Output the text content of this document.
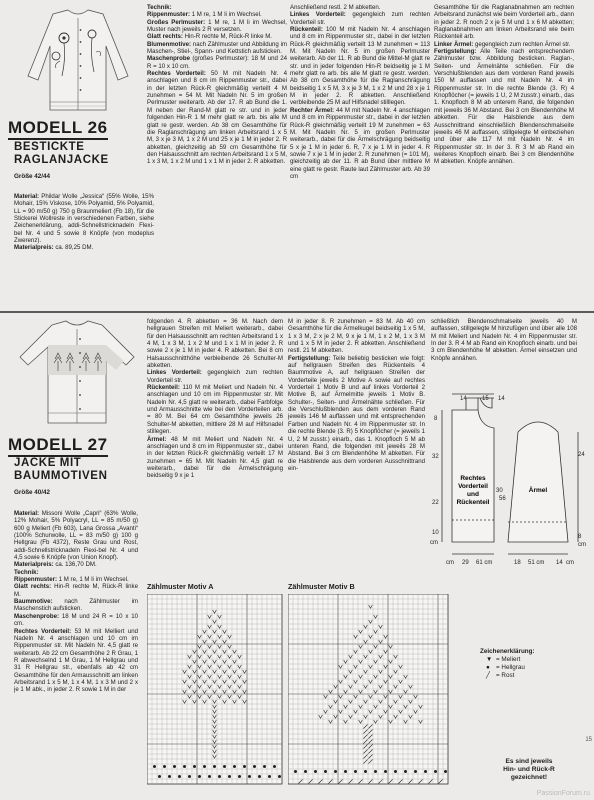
MODELL 26
BESTICKTE
RAGLANJACKE
Größe 42/44

Material: Phildar Wolle „Jessica“ (55% Wolle, 15% Mohair, 15% Viskose, 10% Polyamid, 5% Polyamid, LL = 90 m/50 g) 750 g Braunmeliert (Fb 18), für die Stickerei Wollreste in verschiedenen Farben, siehe Zeichenerklärung, addi-Schnellstricknadeln Flexi-bel Nr. 4 und 5 sowie 8 Knöpfe (von modeplus Zwerenz).

Materialpreis: ca. 89,25 DM.

Technik:

Rippenmuster: 1 M re, 1 M li im Wechsel.

Großes Perlmuster: 1 M re, 1 M li im Wechsel, Muster nach jeweils 2 R versetzen.

Glatt rechts: Hin-R rechte M, Rück-R linke M.

Blumenmotive: nach Zählmuster und Abbildung im Maschen-, Stiel-, Spann- und Kettstich aufsticken.

Maschenprobe (großes Perlmuster): 18 M und 24 R = 10 x 10 cm.

Rechtes Vorderteil: 50 M mit Nadeln Nr. 4 anschlagen und 8 cm im Rippenmuster str., dabei in der letzten Rück-R gleichmäßig verteilt 4 M zunehmen = 54 M. Mit Nadeln Nr. 5 im großen Perlmuster weiterarb. Ab der 17. R ab Bund die 1. M neben der Rand-M glatt re str. und in jeder folgenden Hin-R 1 M mehr glatt re arb. bis alle M glatt re gestr. werden. Ab 38 cm Gesamthöhe für die Raglanschrägung am linken Arbeitsrand 1 x 5 M, 3 x je 3 M, 1 x 2 M und 25 x je 1 M in jeder 2. R abketten, gleichzeitig ab 59 cm Gesamthöhe für den Halsausschnitt am rechten Arbeitsrand 1 x 5 M, 1 x 3 M, 1 x 2 M und 1 x 1 M in jeder 2. R abketten.

Anschließend restl. 2 M abketten.

Linkes Vorderteil: gegengleich zum rechten Vorderteil str.

Rückenteil: 100 M mit Nadeln Nr. 4 anschlagen und 8 cm im Rippenmuster str., dabei in der letzten Rück-R gleichmäßig verteilt 13 M zunehmen = 113 M. Mit Nadeln Nr. 5 im großen Perlmuster weiterarb. Ab der 11. R ab Bund die Mittel-M glatt re str. und in jeder folgenden Hin-R beidseitig je 1 M mehr glatt re arb. bis alle M glatt re gestr. werden. Ab 38 cm Gesamthöhe für die Raglanschrägung beidseitig 1 x 5 M, 3 x je 3 M, 1 x 2 M und 28 x je 1 M in jeder 2. R abketten. Anschließend verbleibende 25 M auf Hilfsnadel stilllegen.

Rechter Ärmel: 44 M mit Nadeln Nr. 4 anschlagen und 8 cm im Rippenmuster str., dabei in der letzten Rück-R gleichmäßig verteilt 19 M zunehmen = 63 M. Mit Nadeln Nr. 5 im großen Perlmuster weiterarb., dabei für die Ärmelschrägung beidseitig 5 x je 1 M in jeder 6. R, 7 x je 1 M in jeder 4. R sowie 7 x je 1 M in jeder 2. R zunehmen (= 101 M), gleichzeitig ab der 11. R ab Bund über mittlere M eine glatt re gestr. Raute laut Zählmuster arb. Ab 39 cm

Gesamthöhe für die Raglanabnahmen am rechten Arbeitsrand zunächst wie beim Vorderteil arb., dann in jeder 2. R noch 2 x je 5 M und 1 x 6 M abketten; Raglanabnahmen am linken Arbeitsrand wie beim Rückenteil arb.

Linker Ärmel: gegengleich zum rechten Ärmel str.

Fertigstellung: Alle Teile nach entsprechendem Zählmuster bzw. Abbildung besticken. Raglan-, Seiten- und Ärmelnähte schließen. Für die Verschlußblenden aus dem vorderen Rand jeweils 150 M auffassen und mit Nadeln Nr. 4 im Rippenmuster str. In die rechte Blende (3. R) 4 Knopflöcher (= jeweils 1 U, 2 M zusstr.) einarb., das 1. Knopfloch 8 M ab unterem Rand, die folgenden mit jeweils 36 M Abstand. Bei 3 cm Blendenhöhe M abketten. Für die Halsblende aus dem Ausschnittrand einschließlich Blendenschmalseite jeweils 46 M auffassen, stillgelegte M einbeziehen und über alle 117 M mit Nadeln Nr. 4 im Rippenmuster str. In der 3. R 3 M ab Rand ein weiteres Knopfloch einarb. Bei 3 cm Blendenhöhe M abketten. Knöpfe annähen.

MODELL 27
JACKE MIT
BAUMMOTIVEN
Größe 40/42

Material: Missoni Wolle „Capri“ (63% Wolle, 12% Mohair, 5% Polyacryl, LL = 85 m/50 g) 600 g Meliert (Fb 603), Lana Grossa „Avanti“ (100% Schurwolle, LL = 83 m/50 g) 100 g Hellgrau (Fb 4372), Reste Grau und Rost, addi-Schnellstricknadeln Flexi-bel Nr. 4 und 4,5 sowie 6 Knöpfe (von Union Knopf).

Materialpreis: ca. 136,70 DM.

Technik:

Rippenmuster: 1 M re, 1 M li im Wechsel.

Glatt rechts: Hin-R rechte M, Rück-R linke M.

Baummotive: nach Zählmuster im Maschenstich aufsticken.

Maschenprobe: 18 M und 24 R = 10 x 10 cm.

Rechtes Vorderteil: 53 M mit Melliert und Nadeln Nr. 4 anschlagen und 10 cm im Rippenmuster str. Mit Nadeln Nr. 4,5 glatt re weiterarb. Ab 22 cm Gesamthöhe 2 R Grau, 1 R abwechselnd 1 M Grau, 1 M Hellgrau und 31 R Hellgrau str., ebenfalls ab 42 cm Gesamthöhe für den Armausschnitt am linken Arbeitsrand 1 x 5 M, 1 x 4 M, 1 x 3 M und 2 x je 1 M abk., in jeder 2. R sowie 1 M in der

folgenden 4. R abketten = 36 M. Nach dem hellgrauen Streifen mit Meliert weiterarb., dabei für den Halsausschnitt am rechten Arbeitsrand 1 x 4 M, 1 x 3 M, 1 x 2 M und 1 x 1 M in jeder 2. R sowie 2 x je 1 M in jeder 4. R abketten. Bei 8 cm Halsausschnitthöhe verbleibende 26 Schulter-M abketten.

Linkes Vorderteil: gegengleich zum rechten Vorderteil str.

Rückenteil: 110 M mit Meliert und Nadeln Nr. 4 anschlagen und 10 cm im Rippenmuster str. Mit Nadeln Nr. 4,5 glatt re weiterarb., dabei Farbfolge und Armausschnitte wie bei den Vorderteilen arb. = 80 M. Bei 64 cm Gesamthöhe jeweils 26 Schulter-M abketten, mittlere 28 M auf Hilfsnadel stillegen.

Ärmel: 48 M mit Meliert und Nadeln Nr. 4 anschlagen und 8 cm im Rippenmuster str., dabei in der letzten Rück-R gleichmäßig verteilt 17 M zunehmen = 65 M. Mit Nadeln Nr. 4,5 glatt re weiterarb., dabei für die Ärmelschrägung beidseitig 9 x je 1

M in jeder 8. R zunehmen = 83 M. Ab 40 cm Gesamthöhe für die Ärmelkugel beidseitig 1 x 5 M, 1 x 3 M, 2 x je 2 M, 9 x je 1 M, 1 x 2 M, 1 x 3 M und 1 x 5 M in jeder 2. R abketten. Anschließend restl. 21 M abketten.

Fertigstellung: Teile beliebig besticken wie folgt: auf hellgrauen Streifen des Rückenteils 4 Baummotive A, auf hellgrauen Streifen der Vorderteile jeweils 2 Motive A sowie auf rechtes Vorderteil 1 Motiv B und auf linkes Vorderteil 2 Motive B, auf Ärmelmitte jeweils 1 Motiv B. Schulter-, Seiten- und Ärmelnähte schließen. Für die Verschlußblenden aus dem vorderen Rand jeweils 146 M auffassen und mit entsprechenden Farben und Nadeln Nr. 4 im Rippenmuster str. In die rechte Blende (3. R) 5 Knopflöcher (= jeweils 1 U, 2 M zusstr.) einarb., das 1. Knopfloch 5 M ab unteren Rand, die folgenden mit jeweils 28 M Abstand. Bei 3 cm Blendenhöhe M abketten. Für die Halsblende aus dem vorderen Ausschnittrand ein-

schließlich Blendenschmalseite jeweils 40 M auffassen, stillgelegte M hinzufügen und über alle 108 M mit Meliert und Nadeln Nr. 4 im Rippenmuster str. In der 3. R 4 M ab Rand ein Knopfloch einarb. und bei 3 cm Blendenhöhe M abketten. Ärmel einsetzen und Knöpfe annähen.

Rechtes
Vorderteil
und
Rückenteil
Ärmel
14	15 14
8
32
22
10
cm
30
56
24
8
cm
cm 29 61 cm	18 51 cm 14 cm
Zählmuster Motiv A	Zählmuster Motiv B
Zeichenerklärung:
▼ = Meliert
● = Hellgrau
╱ = Rost
Es sind jeweils
Hin- und Rück-R
gezeichnet!
15
PassionForum.ru
